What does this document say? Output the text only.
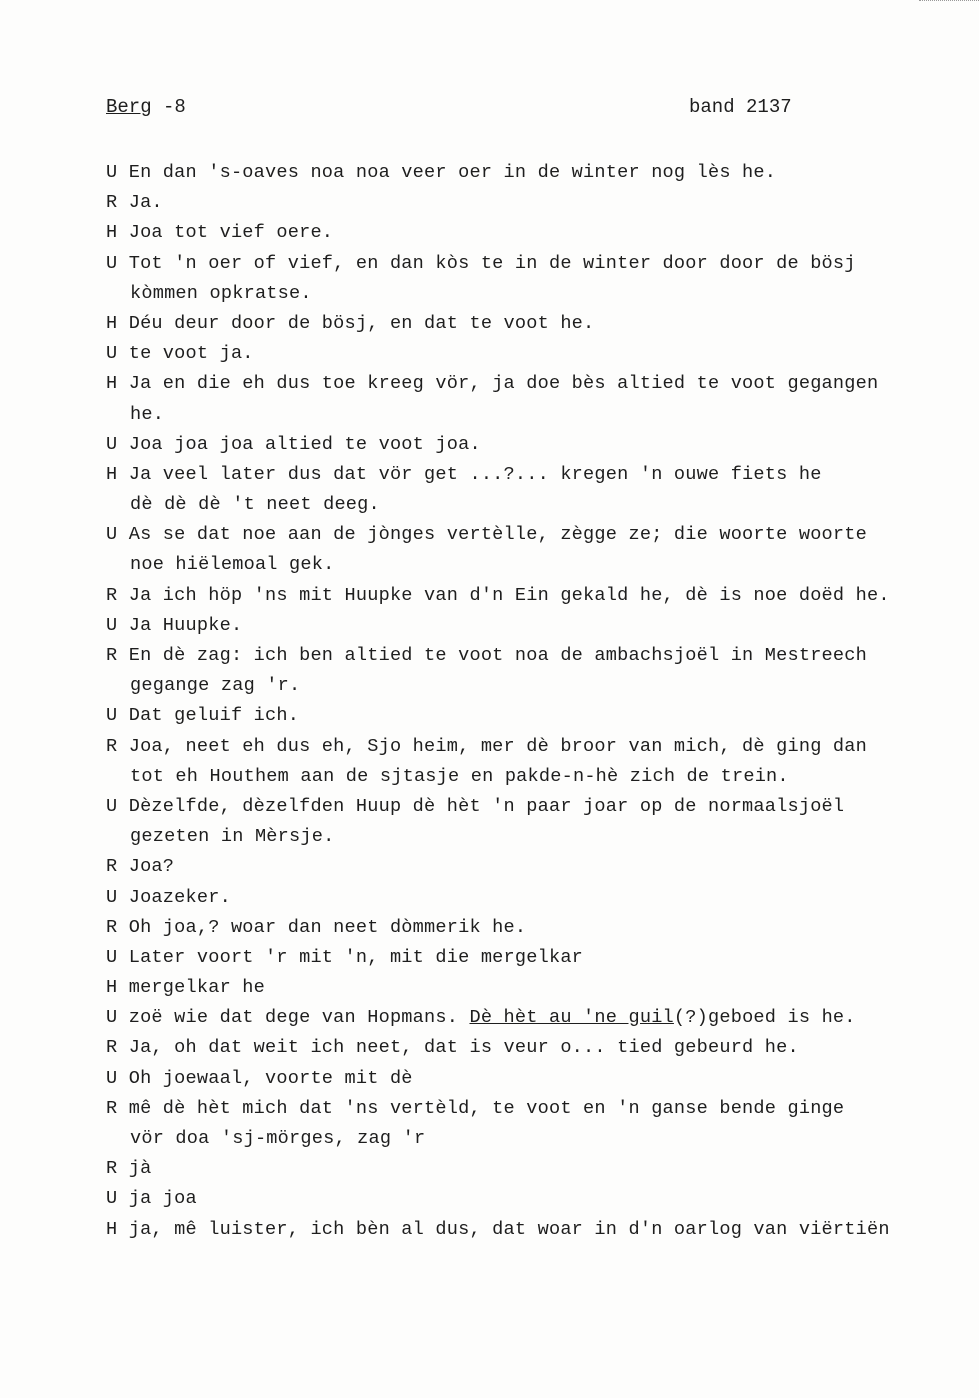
Berg -8	band 2137
U En dan 's-oaves noa noa veer oer in de winter nog lès he.
R Ja.
H Joa tot vief oere.
U Tot 'n oer of vief, en dan kòs te in de winter door door de bösj
kòmmen opkratse.
H Déu deur door de bösj, en dat te voot he.
U te voot ja.
H Ja en die eh dus toe kreeg vör, ja doe bès altied te voot gegangen
he.
U Joa joa joa altied te voot joa.
H Ja veel later dus dat vör get ...?... kregen 'n ouwe fiets he
dè dè dè 't neet deeg.
U As se dat noe aan de jònges vertèlle, zègge ze; die woorte woorte
noe hiëlemoal gek.
R Ja ich höp 'ns mit Huupke van d'n Ein gekald he, dè is noe doëd he.
U Ja Huupke.
R En dè zag: ich ben altied te voot noa de ambachsjoël in Mestreech
gegange zag 'r.
U Dat geluif ich.
R Joa, neet eh dus eh, Sjo heim, mer dè broor van mich, dè ging dan
tot eh Houthem aan de sjtasje en pakde-n-hè zich de trein.
U Dèzelfde, dèzelfden Huup dè hèt 'n paar joar op de normaalsjoël
gezeten in Mèrsje.
R Joa?
U Joazeker.
R Oh joa,? woar dan neet dòmmerik he.
U Later voort 'r mit 'n, mit die mergelkar
H mergelkar he
U zoë wie dat dege van Hopmans. Dè hèt au 'ne guil(?)geboed is he.
R Ja, oh dat weit ich neet, dat is veur o... tied gebeurd he.
U Oh joewaal, voorte mit dè
R mê dè hèt mich dat 'ns vertèld, te voot en 'n ganse bende ginge
vör doa 'sj-mörges, zag 'r
R jà
U ja joa
H ja, mê luister, ich bèn al dus, dat woar in d'n oarlog van viërtiën
